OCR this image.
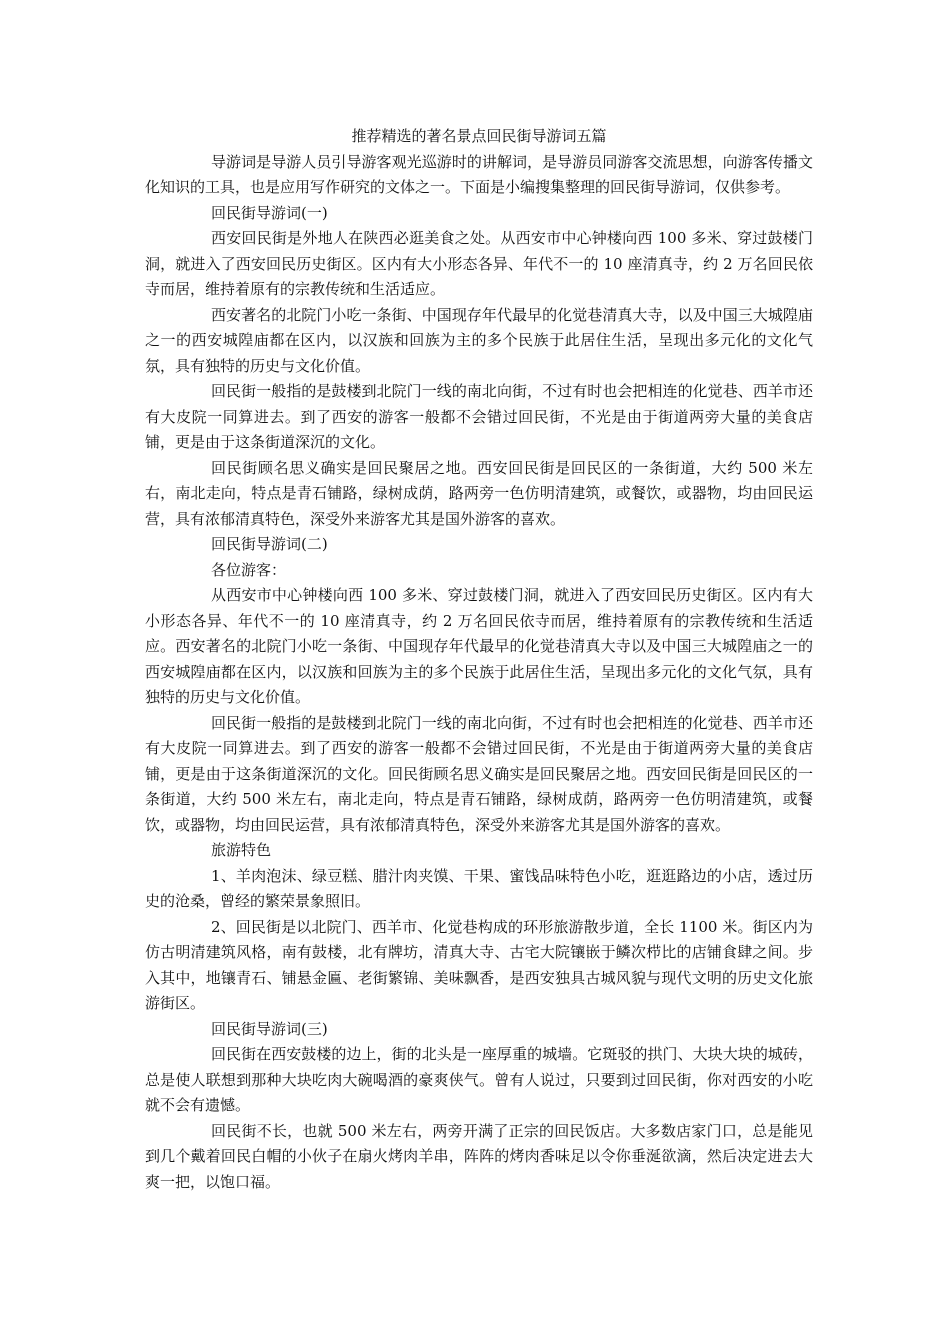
推荐精选的著名景点回民街导游词五篇

导游词是导游人员引导游客观光巡游时的讲解词，是导游员同游客交流思想，向游客传播文化知识的工具，也是应用写作研究的文体之一。下面是小编搜集整理的回民街导游词，仅供参考。

回民街导游词(一)

西安回民街是外地人在陕西必逛美食之处。从西安市中心钟楼向西 100 多米、穿过鼓楼门洞，就进入了西安回民历史街区。区内有大小形态各异、年代不一的 10 座清真寺，约 2 万名回民依寺而居，维持着原有的宗教传统和生活适应。

西安著名的北院门小吃一条街、中国现存年代最早的化觉巷清真大寺，以及中国三大城隍庙之一的西安城隍庙都在区内，以汉族和回族为主的多个民族于此居住生活，呈现出多元化的文化气氛，具有独特的历史与文化价值。

回民街一般指的是鼓楼到北院门一线的南北向街，不过有时也会把相连的化觉巷、西羊市还有大皮院一同算进去。到了西安的游客一般都不会错过回民街，不光是由于街道两旁大量的美食店铺，更是由于这条街道深沉的文化。

回民街顾名思义确实是回民聚居之地。西安回民街是回民区的一条街道，大约 500 米左右，南北走向，特点是青石铺路，绿树成荫，路两旁一色仿明清建筑，或餐饮，或器物，均由回民运营，具有浓郁清真特色，深受外来游客尤其是国外游客的喜欢。

回民街导游词(二)

各位游客：

从西安市中心钟楼向西 100 多米、穿过鼓楼门洞，就进入了西安回民历史街区。区内有大小形态各异、年代不一的 10 座清真寺，约 2 万名回民依寺而居，维持着原有的宗教传统和生活适应。西安著名的北院门小吃一条街、中国现存年代最早的化觉巷清真大寺以及中国三大城隍庙之一的西安城隍庙都在区内，以汉族和回族为主的多个民族于此居住生活，呈现出多元化的文化气氛，具有独特的历史与文化价值。

回民街一般指的是鼓楼到北院门一线的南北向街，不过有时也会把相连的化觉巷、西羊市还有大皮院一同算进去。到了西安的游客一般都不会错过回民街，不光是由于街道两旁大量的美食店铺，更是由于这条街道深沉的文化。回民街顾名思义确实是回民聚居之地。西安回民街是回民区的一条街道，大约 500 米左右，南北走向，特点是青石铺路，绿树成荫，路两旁一色仿明清建筑，或餐饮，或器物，均由回民运营，具有浓郁清真特色，深受外来游客尤其是国外游客的喜欢。

旅游特色

1、羊肉泡沫、绿豆糕、腊汁肉夹馍、干果、蜜饯品味特色小吃，逛逛路边的小店，透过历史的沧桑，曾经的繁荣景象照旧。

2、回民街是以北院门、西羊市、化觉巷构成的环形旅游散步道，全长 1100 米。街区内为仿古明清建筑风格，南有鼓楼，北有牌坊，清真大寺、古宅大院镶嵌于鳞次栉比的店铺食肆之间。步入其中，地镶青石、铺悬金匾、老街繁锦、美味飘香，是西安独具古城风貌与现代文明的历史文化旅游街区。

回民街导游词(三)

回民街在西安鼓楼的边上，街的北头是一座厚重的城墙。它斑驳的拱门、大块大块的城砖，总是使人联想到那种大块吃肉大碗喝酒的豪爽侠气。曾有人说过，只要到过回民街，你对西安的小吃就不会有遗憾。

回民街不长，也就 500 米左右，两旁开满了正宗的回民饭店。大多数店家门口，总是能见到几个戴着回民白帽的小伙子在扇火烤肉羊串，阵阵的烤肉香味足以令你垂涎欲滴，然后决定进去大爽一把，以饱口福。
